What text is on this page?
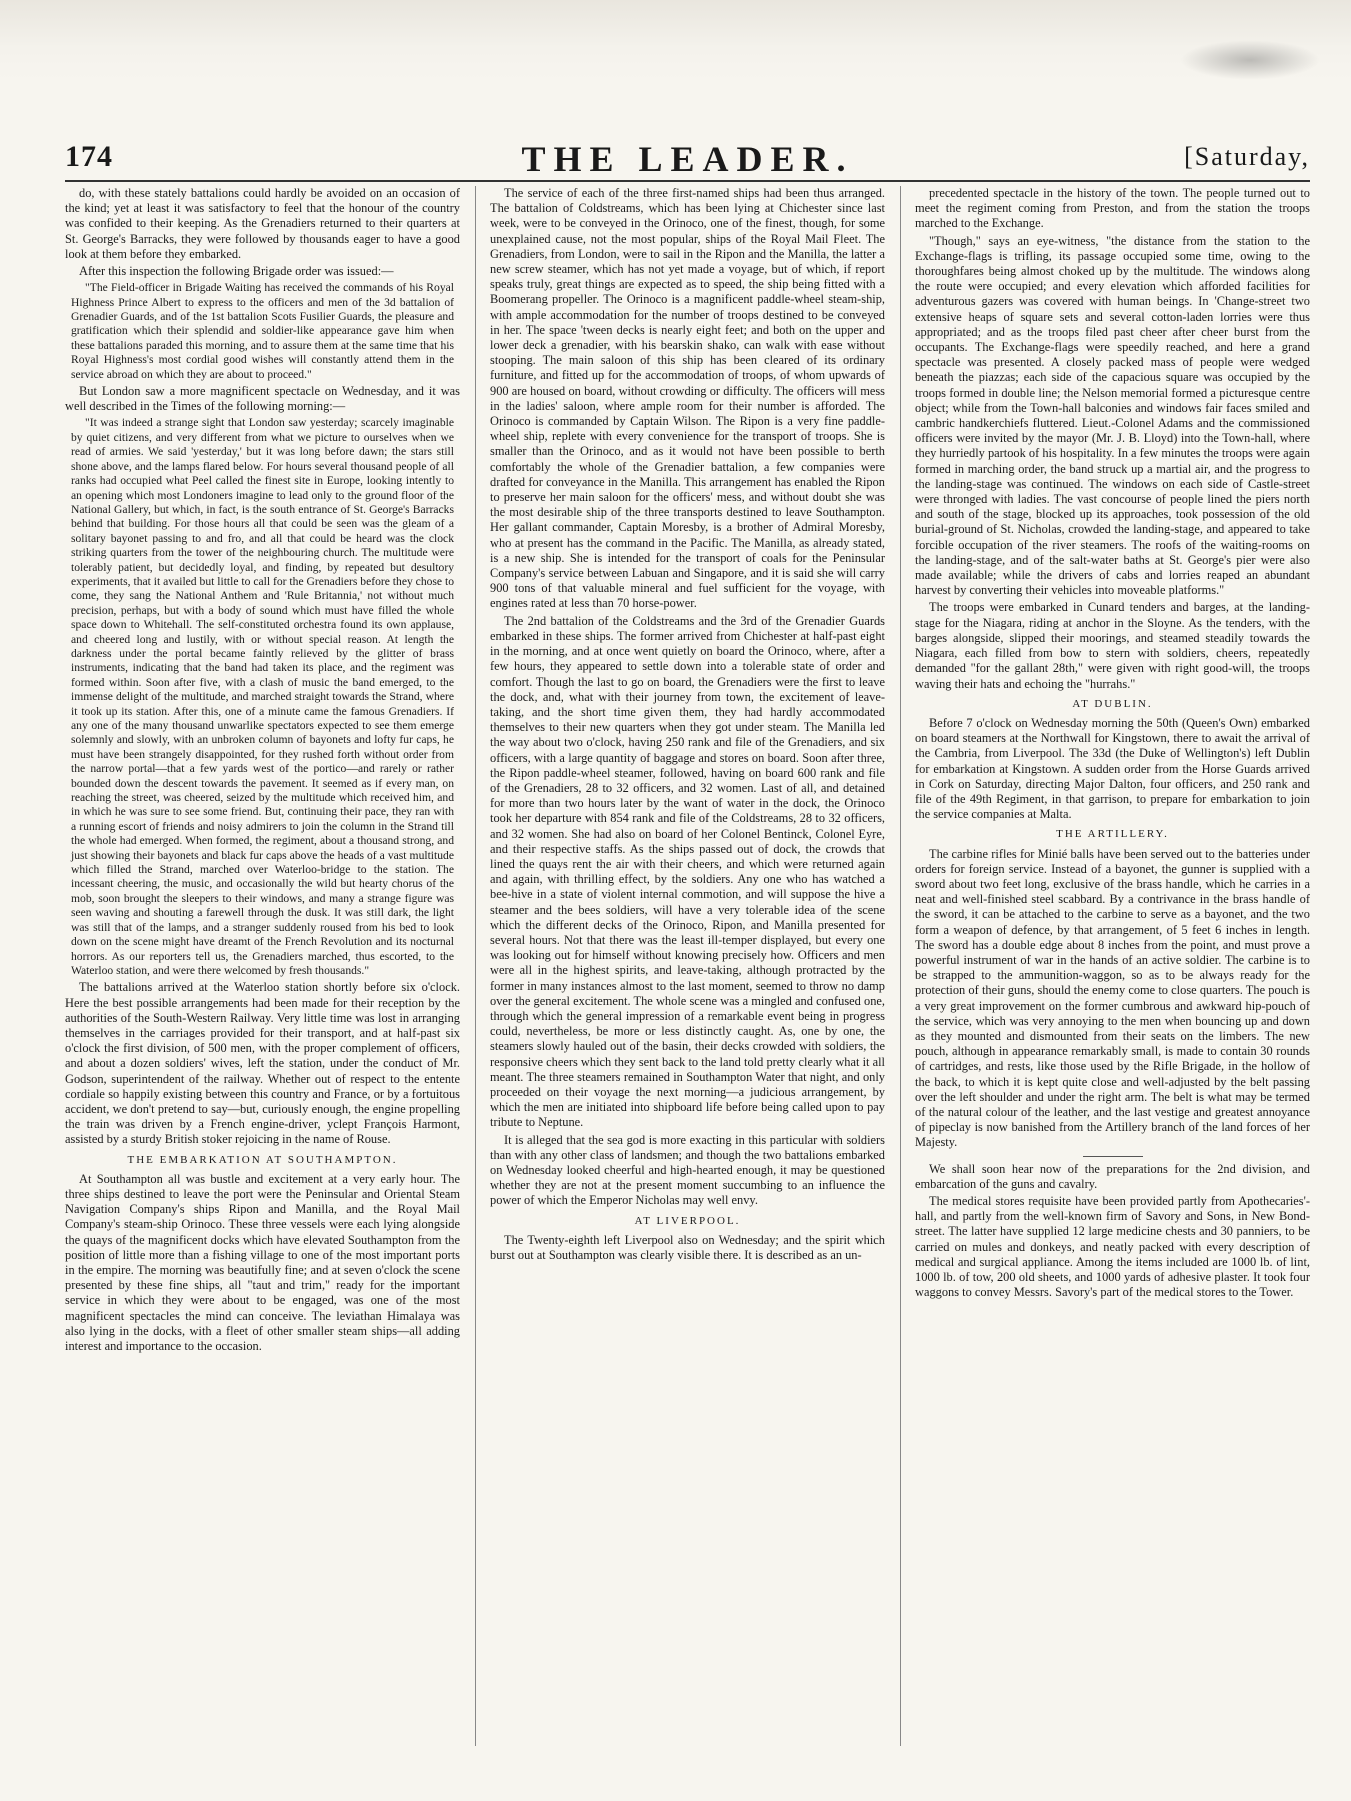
174	THE LEADER.	[Saturday,

do, with these stately battalions could hardly be avoided on an occasion of the kind; yet at least it was satisfactory to feel that the honour of the country was confided to their keeping. As the Grenadiers returned to their quarters at St. George's Barracks, they were followed by thousands eager to have a good look at them before they embarked.

After this inspection the following Brigade order was issued:—

"The Field-officer in Brigade Waiting has received the commands of his Royal Highness Prince Albert to express to the officers and men of the 3d battalion of Grenadier Guards, and of the 1st battalion Scots Fusilier Guards, the pleasure and gratification which their splendid and soldier-like appearance gave him when these battalions paraded this morning, and to assure them at the same time that his Royal Highness's most cordial good wishes will constantly attend them in the service abroad on which they are about to proceed."

But London saw a more magnificent spectacle on Wednesday, and it was well described in the Times of the following morning:—

"It was indeed a strange sight that London saw yesterday; scarcely imaginable by quiet citizens, and very different from what we picture to ourselves when we read of armies. We said 'yesterday,' but it was long before dawn; the stars still shone above, and the lamps flared below. For hours several thousand people of all ranks had occupied what Peel called the finest site in Europe, looking intently to an opening which most Londoners imagine to lead only to the ground floor of the National Gallery, but which, in fact, is the south entrance of St. George's Barracks behind that building. For those hours all that could be seen was the gleam of a solitary bayonet passing to and fro, and all that could be heard was the clock striking quarters from the tower of the neighbouring church. The multitude were tolerably patient, but decidedly loyal, and finding, by repeated but desultory experiments, that it availed but little to call for the Grenadiers before they chose to come, they sang the National Anthem and 'Rule Britannia,' not without much precision, perhaps, but with a body of sound which must have filled the whole space down to Whitehall. The self-constituted orchestra found its own applause, and cheered long and lustily, with or without special reason. At length the darkness under the portal became faintly relieved by the glitter of brass instruments, indicating that the band had taken its place, and the regiment was formed within. Soon after five, with a clash of music the band emerged, to the immense delight of the multitude, and marched straight towards the Strand, where it took up its station. After this, one of a minute came the famous Grenadiers. If any one of the many thousand unwarlike spectators expected to see them emerge solemnly and slowly, with an unbroken column of bayonets and lofty fur caps, he must have been strangely disappointed, for they rushed forth without order from the narrow portal—that a few yards west of the portico—and rarely or rather bounded down the descent towards the pavement. It seemed as if every man, on reaching the street, was cheered, seized by the multitude which received him, and in which he was sure to see some friend. But, continuing their pace, they ran with a running escort of friends and noisy admirers to join the column in the Strand till the whole had emerged. When formed, the regiment, about a thousand strong, and just showing their bayonets and black fur caps above the heads of a vast multitude which filled the Strand, marched over Waterloo-bridge to the station. The incessant cheering, the music, and occasionally the wild but hearty chorus of the mob, soon brought the sleepers to their windows, and many a strange figure was seen waving and shouting a farewell through the dusk. It was still dark, the light was still that of the lamps, and a stranger suddenly roused from his bed to look down on the scene might have dreamt of the French Revolution and its nocturnal horrors. As our reporters tell us, the Grenadiers marched, thus escorted, to the Waterloo station, and were there welcomed by fresh thousands."

The battalions arrived at the Waterloo station shortly before six o'clock. Here the best possible arrangements had been made for their reception by the authorities of the South-Western Railway. Very little time was lost in arranging themselves in the carriages provided for their transport, and at half-past six o'clock the first division, of 500 men, with the proper complement of officers, and about a dozen soldiers' wives, left the station, under the conduct of Mr. Godson, superintendent of the railway. Whether out of respect to the entente cordiale so happily existing between this country and France, or by a fortuitous accident, we don't pretend to say—but, curiously enough, the engine propelling the train was driven by a French engine-driver, yclept François Harmont, assisted by a sturdy British stoker rejoicing in the name of Rouse.

THE EMBARKATION AT SOUTHAMPTON.

At Southampton all was bustle and excitement at a very early hour. The three ships destined to leave the port were the Peninsular and Oriental Steam Navigation Company's ships Ripon and Manilla, and the Royal Mail Company's steam-ship Orinoco. These three vessels were each lying alongside the quays of the magnificent docks which have elevated Southampton from the position of little more than a fishing village to one of the most important ports in the empire. The morning was beautifully fine; and at seven o'clock the scene presented by these fine ships, all "taut and trim," ready for the important service in which they were about to be engaged, was one of the most magnificent spectacles the mind can conceive. The leviathan Himalaya was also lying in the docks, with a fleet of other smaller steam ships—all adding interest and importance to the occasion.

The service of each of the three first-named ships had been thus arranged. The battalion of Coldstreams, which has been lying at Chichester since last week, were to be conveyed in the Orinoco, one of the finest, though, for some unexplained cause, not the most popular, ships of the Royal Mail Fleet. The Grenadiers, from London, were to sail in the Ripon and the Manilla, the latter a new screw steamer, which has not yet made a voyage, but of which, if report speaks truly, great things are expected as to speed, the ship being fitted with a Boomerang propeller. The Orinoco is a magnificent paddle-wheel steam-ship, with ample accommodation for the number of troops destined to be conveyed in her. The space 'tween decks is nearly eight feet; and both on the upper and lower deck a grenadier, with his bearskin shako, can walk with ease without stooping. The main saloon of this ship has been cleared of its ordinary furniture, and fitted up for the accommodation of troops, of whom upwards of 900 are housed on board, without crowding or difficulty. The officers will mess in the ladies' saloon, where ample room for their number is afforded. The Orinoco is commanded by Captain Wilson. The Ripon is a very fine paddle-wheel ship, replete with every convenience for the transport of troops. She is smaller than the Orinoco, and as it would not have been possible to berth comfortably the whole of the Grenadier battalion, a few companies were drafted for conveyance in the Manilla. This arrangement has enabled the Ripon to preserve her main saloon for the officers' mess, and without doubt she was the most desirable ship of the three transports destined to leave Southampton. Her gallant commander, Captain Moresby, is a brother of Admiral Moresby, who at present has the command in the Pacific. The Manilla, as already stated, is a new ship. She is intended for the transport of coals for the Peninsular Company's service between Labuan and Singapore, and it is said she will carry 900 tons of that valuable mineral and fuel sufficient for the voyage, with engines rated at less than 70 horse-power.

The 2nd battalion of the Coldstreams and the 3rd of the Grenadier Guards embarked in these ships. The former arrived from Chichester at half-past eight in the morning, and at once went quietly on board the Orinoco, where, after a few hours, they appeared to settle down into a tolerable state of order and comfort. Though the last to go on board, the Grenadiers were the first to leave the dock, and, what with their journey from town, the excitement of leave-taking, and the short time given them, they had hardly accommodated themselves to their new quarters when they got under steam. The Manilla led the way about two o'clock, having 250 rank and file of the Grenadiers, and six officers, with a large quantity of baggage and stores on board. Soon after three, the Ripon paddle-wheel steamer, followed, having on board 600 rank and file of the Grenadiers, 28 to 32 officers, and 32 women. Last of all, and detained for more than two hours later by the want of water in the dock, the Orinoco took her departure with 854 rank and file of the Coldstreams, 28 to 32 officers, and 32 women. She had also on board of her Colonel Bentinck, Colonel Eyre, and their respective staffs. As the ships passed out of dock, the crowds that lined the quays rent the air with their cheers, and which were returned again and again, with thrilling effect, by the soldiers. Any one who has watched a bee-hive in a state of violent internal commotion, and will suppose the hive a steamer and the bees soldiers, will have a very tolerable idea of the scene which the different decks of the Orinoco, Ripon, and Manilla presented for several hours. Not that there was the least ill-temper displayed, but every one was looking out for himself without knowing precisely how. Officers and men were all in the highest spirits, and leave-taking, although protracted by the former in many instances almost to the last moment, seemed to throw no damp over the general excitement. The whole scene was a mingled and confused one, through which the general impression of a remarkable event being in progress could, nevertheless, be more or less distinctly caught. As, one by one, the steamers slowly hauled out of the basin, their decks crowded with soldiers, the responsive cheers which they sent back to the land told pretty clearly what it all meant. The three steamers remained in Southampton Water that night, and only proceeded on their voyage the next morning—a judicious arrangement, by which the men are initiated into shipboard life before being called upon to pay tribute to Neptune.

It is alleged that the sea god is more exacting in this particular with soldiers than with any other class of landsmen; and though the two battalions embarked on Wednesday looked cheerful and high-hearted enough, it may be questioned whether they are not at the present moment succumbing to an influence the power of which the Emperor Nicholas may well envy.

AT LIVERPOOL.

The Twenty-eighth left Liverpool also on Wednesday; and the spirit which burst out at Southampton was clearly visible there. It is described as an un-

precedented spectacle in the history of the town. The people turned out to meet the regiment coming from Preston, and from the station the troops marched to the Exchange.

"Though," says an eye-witness, "the distance from the station to the Exchange-flags is trifling, its passage occupied some time, owing to the thoroughfares being almost choked up by the multitude. The windows along the route were occupied; and every elevation which afforded facilities for adventurous gazers was covered with human beings. In 'Change-street two extensive heaps of square sets and several cotton-laden lorries were thus appropriated; and as the troops filed past cheer after cheer burst from the occupants. The Exchange-flags were speedily reached, and here a grand spectacle was presented. A closely packed mass of people were wedged beneath the piazzas; each side of the capacious square was occupied by the troops formed in double line; the Nelson memorial formed a picturesque centre object; while from the Town-hall balconies and windows fair faces smiled and cambric handkerchiefs fluttered. Lieut.-Colonel Adams and the commissioned officers were invited by the mayor (Mr. J. B. Lloyd) into the Town-hall, where they hurriedly partook of his hospitality. In a few minutes the troops were again formed in marching order, the band struck up a martial air, and the progress to the landing-stage was continued. The windows on each side of Castle-street were thronged with ladies. The vast concourse of people lined the piers north and south of the stage, blocked up its approaches, took possession of the old burial-ground of St. Nicholas, crowded the landing-stage, and appeared to take forcible occupation of the river steamers. The roofs of the waiting-rooms on the landing-stage, and of the salt-water baths at St. George's pier were also made available; while the drivers of cabs and lorries reaped an abundant harvest by converting their vehicles into moveable platforms."

The troops were embarked in Cunard tenders and barges, at the landing-stage for the Niagara, riding at anchor in the Sloyne. As the tenders, with the barges alongside, slipped their moorings, and steamed steadily towards the Niagara, each filled from bow to stern with soldiers, cheers, repeatedly demanded "for the gallant 28th," were given with right good-will, the troops waving their hats and echoing the "hurrahs."

AT DUBLIN.

Before 7 o'clock on Wednesday morning the 50th (Queen's Own) embarked on board steamers at the Northwall for Kingstown, there to await the arrival of the Cambria, from Liverpool. The 33d (the Duke of Wellington's) left Dublin for embarkation at Kingstown. A sudden order from the Horse Guards arrived in Cork on Saturday, directing Major Dalton, four officers, and 250 rank and file of the 49th Regiment, in that garrison, to prepare for embarkation to join the service companies at Malta.

THE ARTILLERY.

The carbine rifles for Minié balls have been served out to the batteries under orders for foreign service. Instead of a bayonet, the gunner is supplied with a sword about two feet long, exclusive of the brass handle, which he carries in a neat and well-finished steel scabbard. By a contrivance in the brass handle of the sword, it can be attached to the carbine to serve as a bayonet, and the two form a weapon of defence, by that arrangement, of 5 feet 6 inches in length. The sword has a double edge about 8 inches from the point, and must prove a powerful instrument of war in the hands of an active soldier. The carbine is to be strapped to the ammunition-waggon, so as to be always ready for the protection of their guns, should the enemy come to close quarters. The pouch is a very great improvement on the former cumbrous and awkward hip-pouch of the service, which was very annoying to the men when bouncing up and down as they mounted and dismounted from their seats on the limbers. The new pouch, although in appearance remarkably small, is made to contain 30 rounds of cartridges, and rests, like those used by the Rifle Brigade, in the hollow of the back, to which it is kept quite close and well-adjusted by the belt passing over the left shoulder and under the right arm. The belt is what may be termed of the natural colour of the leather, and the last vestige and greatest annoyance of pipeclay is now banished from the Artillery branch of the land forces of her Majesty.

We shall soon hear now of the preparations for the 2nd division, and embarcation of the guns and cavalry.

The medical stores requisite have been provided partly from Apothecaries'-hall, and partly from the well-known firm of Savory and Sons, in New Bond-street. The latter have supplied 12 large medicine chests and 30 panniers, to be carried on mules and donkeys, and neatly packed with every description of medical and surgical appliance. Among the items included are 1000 lb. of lint, 1000 lb. of tow, 200 old sheets, and 1000 yards of adhesive plaster. It took four waggons to convey Messrs. Savory's part of the medical stores to the Tower.
